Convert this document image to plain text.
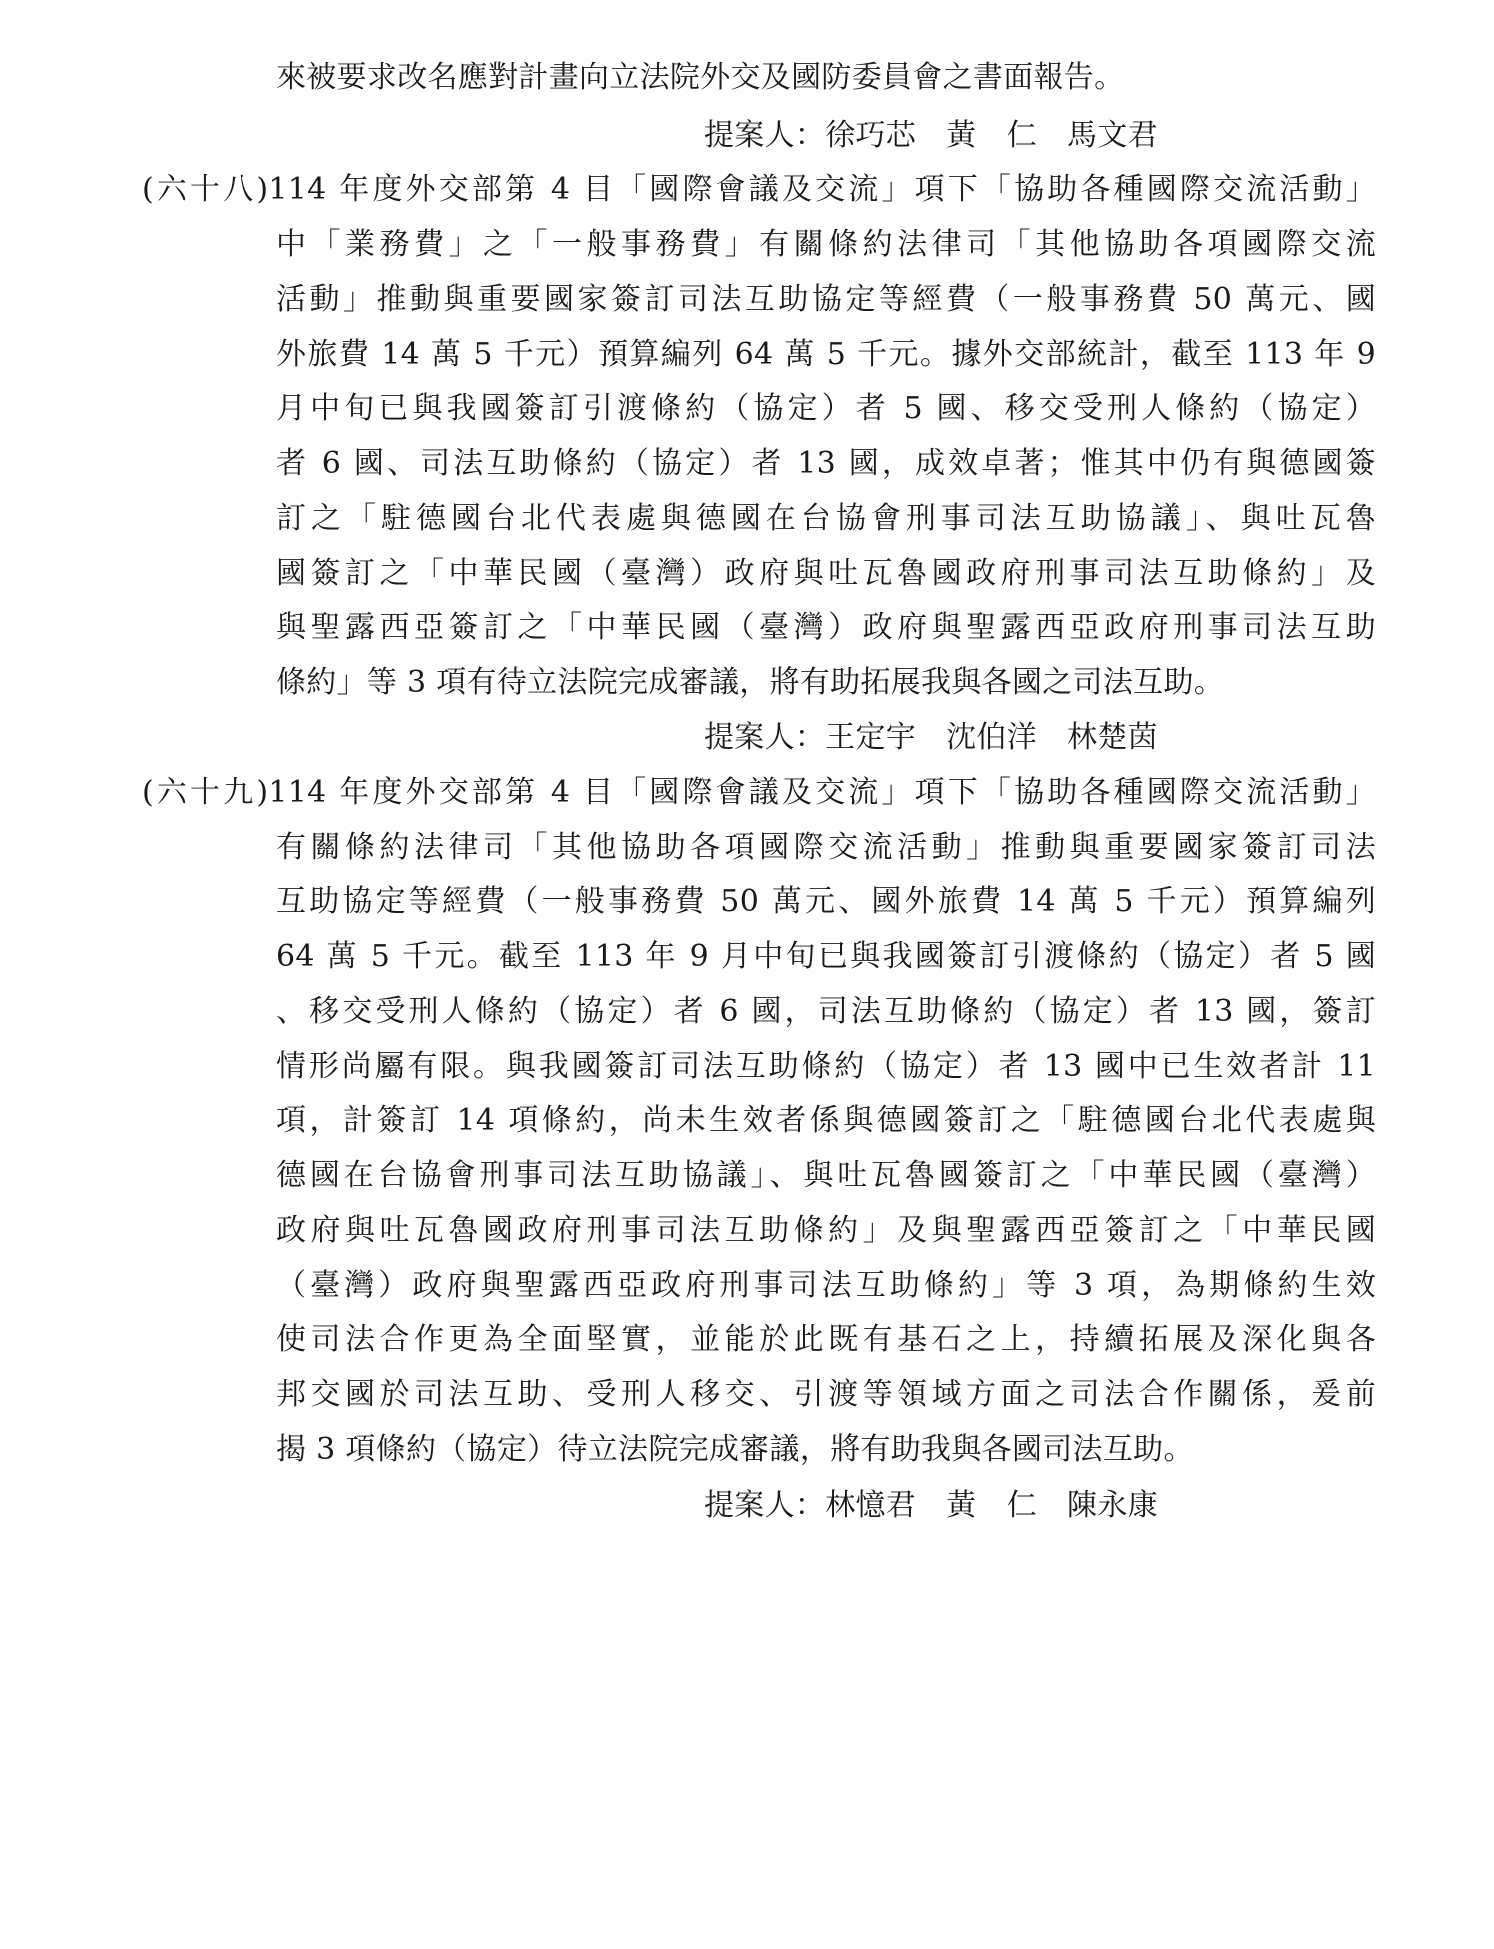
來被要求改名應對計畫向立法院外交及國防委員會之書面報告。
提案人：徐巧芯 黃　仁 馬文君
(六十八)114 年度外交部第 4 目「國際會議及交流」項下「協助各種國際交流活動」
中「業務費」之「一般事務費」有關條約法律司「其他協助各項國際交流
活動」推動與重要國家簽訂司法互助協定等經費（一般事務費 50 萬元、國
外旅費 14 萬 5 千元）預算編列 64 萬 5 千元。據外交部統計，截至 113 年 9
月中旬已與我國簽訂引渡條約（協定）者 5 國、移交受刑人條約（協定）
者 6 國、司法互助條約（協定）者 13 國，成效卓著；惟其中仍有與德國簽
訂之「駐德國台北代表處與德國在台協會刑事司法互助協議」、與吐瓦魯
國簽訂之「中華民國（臺灣）政府與吐瓦魯國政府刑事司法互助條約」及
與聖露西亞簽訂之「中華民國（臺灣）政府與聖露西亞政府刑事司法互助
條約」等 3 項有待立法院完成審議，將有助拓展我與各國之司法互助。
提案人：王定宇 沈伯洋 林楚茵
(六十九)114 年度外交部第 4 目「國際會議及交流」項下「協助各種國際交流活動」
有關條約法律司「其他協助各項國際交流活動」推動與重要國家簽訂司法
互助協定等經費（一般事務費 50 萬元、國外旅費 14 萬 5 千元）預算編列
64 萬 5 千元。截至 113 年 9 月中旬已與我國簽訂引渡條約（協定）者 5 國
、移交受刑人條約（協定）者 6 國，司法互助條約（協定）者 13 國，簽訂
情形尚屬有限。與我國簽訂司法互助條約（協定）者 13 國中已生效者計 11
項，計簽訂 14 項條約，尚未生效者係與德國簽訂之「駐德國台北代表處與
德國在台協會刑事司法互助協議」、與吐瓦魯國簽訂之「中華民國（臺灣）
政府與吐瓦魯國政府刑事司法互助條約」及與聖露西亞簽訂之「中華民國
（臺灣）政府與聖露西亞政府刑事司法互助條約」等 3 項，為期條約生效
使司法合作更為全面堅實，並能於此既有基石之上，持續拓展及深化與各
邦交國於司法互助、受刑人移交、引渡等領域方面之司法合作關係，爰前
揭 3 項條約（協定）待立法院完成審議，將有助我與各國司法互助。
提案人：林憶君 黃　仁 陳永康
